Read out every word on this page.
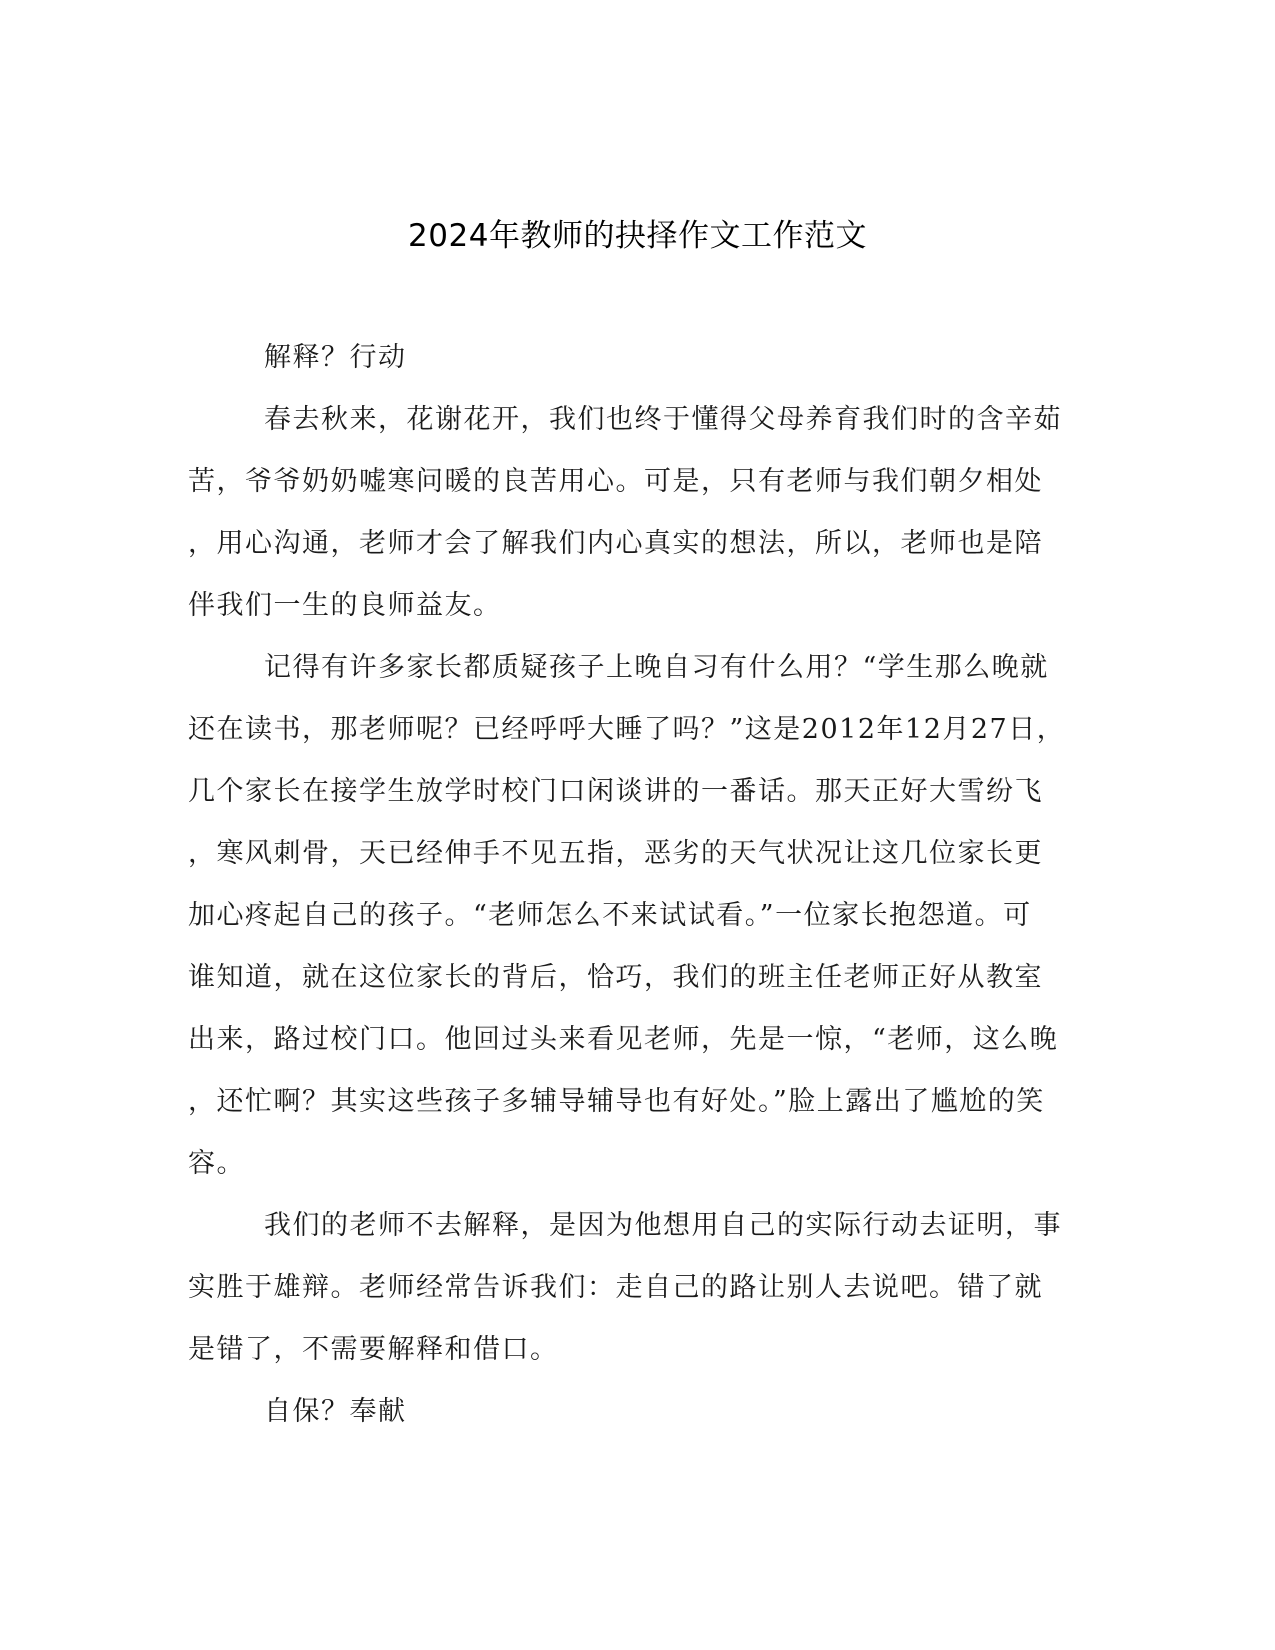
2024年教师的抉择作文工作范文
解释？行动
春去秋来，花谢花开，我们也终于懂得父母养育我们时的含辛茹
苦，爷爷奶奶嘘寒问暖的良苦用心。可是，只有老师与我们朝夕相处
，用心沟通，老师才会了解我们内心真实的想法，所以，老师也是陪
伴我们一生的良师益友。
记得有许多家长都质疑孩子上晚自习有什么用？“学生那么晚就
还在读书，那老师呢？已经呼呼大睡了吗？”这是2012年12月27日，
几个家长在接学生放学时校门口闲谈讲的一番话。那天正好大雪纷飞
，寒风刺骨，天已经伸手不见五指，恶劣的天气状况让这几位家长更
加心疼起自己的孩子。“老师怎么不来试试看。”一位家长抱怨道。可
谁知道，就在这位家长的背后，恰巧，我们的班主任老师正好从教室
出来，路过校门口。他回过头来看见老师，先是一惊，“老师，这么晚
，还忙啊？其实这些孩子多辅导辅导也有好处。”脸上露出了尴尬的笑
容。
我们的老师不去解释，是因为他想用自己的实际行动去证明，事
实胜于雄辩。老师经常告诉我们：走自己的路让别人去说吧。错了就
是错了，不需要解释和借口。
自保？奉献
